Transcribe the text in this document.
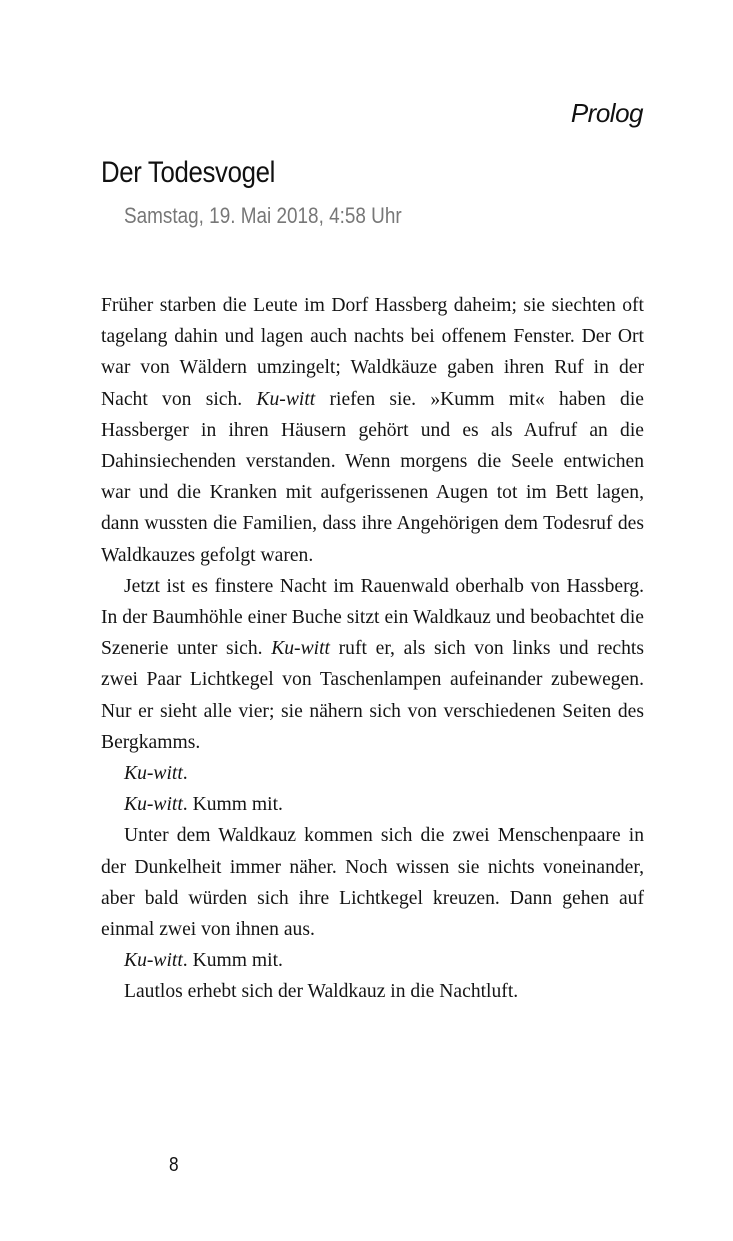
Prolog
Der Todesvogel
Samstag, 19. Mai 2018, 4:58 Uhr

Früher starben die Leute im Dorf Hassberg daheim; sie siechten oft tagelang dahin und lagen auch nachts bei offenem Fenster. Der Ort war von Wäldern umzingelt; Waldkäuze gaben ihren Ruf in der Nacht von sich. Ku-witt riefen sie. »Kumm mit« haben die Hassberger in ihren Häusern gehört und es als Aufruf an die Dahinsiechenden verstanden. Wenn morgens die Seele entwichen war und die Kranken mit aufgerissenen Augen tot im Bett lagen, dann wussten die Familien, dass ihre Angehörigen dem Todesruf des Waldkauzes gefolgt waren.

Jetzt ist es finstere Nacht im Rauenwald oberhalb von Hassberg. In der Baumhöhle einer Buche sitzt ein Waldkauz und beobachtet die Szenerie unter sich. Ku-witt ruft er, als sich von links und rechts zwei Paar Lichtkegel von Taschenlampen aufeinander zubewegen. Nur er sieht alle vier; sie nähern sich von verschiedenen Seiten des Bergkamms.

Ku-witt.

Ku-witt. Kumm mit.

Unter dem Waldkauz kommen sich die zwei Menschenpaare in der Dunkelheit immer näher. Noch wissen sie nichts voneinander, aber bald würden sich ihre Lichtkegel kreuzen. Dann gehen auf einmal zwei von ihnen aus.

Ku-witt. Kumm mit.

Lautlos erhebt sich der Waldkauz in die Nachtluft.

8
